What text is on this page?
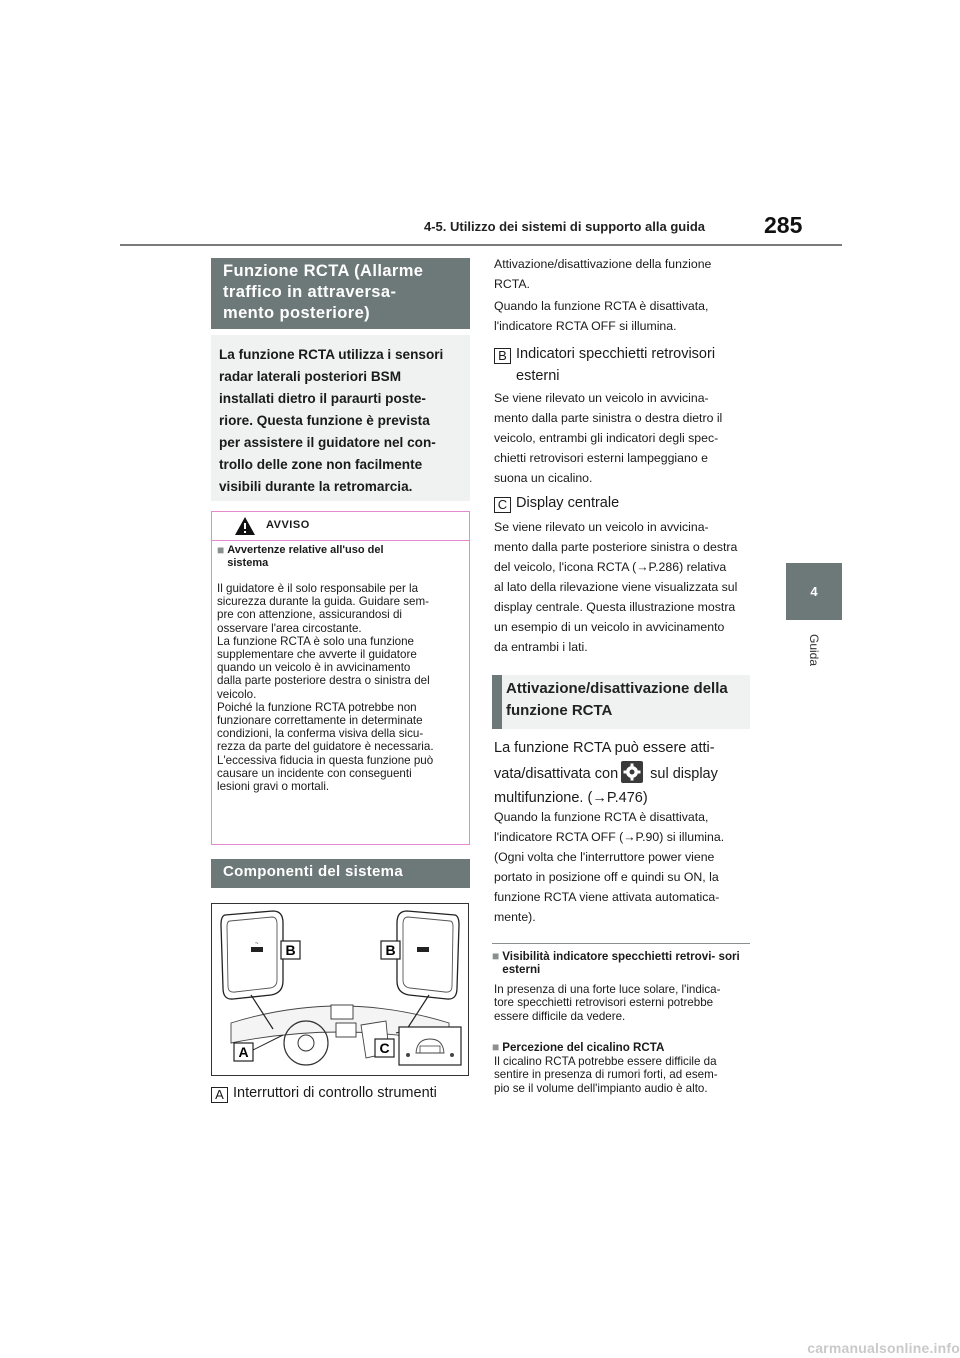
4-5. Utilizzo dei sistemi di supporto alla guida	285
4
Guida
Funzione RCTA (Allarme
traffico in attraversa-
mento posteriore)
La funzione RCTA utilizza i sensori
radar laterali posteriori BSM
installati dietro il paraurti poste-
riore. Questa funzione è prevista
per assistere il guidatore nel con-
trollo delle zone non facilmente
visibili durante la retromarcia.
AVVISO
■ Avvertenze relative all'uso del sistema
Il guidatore è il solo responsabile per la
sicurezza durante la guida. Guidare sem-
pre con attenzione, assicurandosi di
osservare l'area circostante.
La funzione RCTA è solo una funzione
supplementare che avverte il guidatore
quando un veicolo è in avvicinamento
dalla parte posteriore destra o sinistra del
veicolo.
Poiché la funzione RCTA potrebbe non
funzionare correttamente in determinate
condizioni, la conferma visiva della sicu-
rezza da parte del guidatore è necessaria.
L'eccessiva fiducia in questa funzione può
causare un incidente con conseguenti
lesioni gravi o mortali.
Componenti del sistema
~ B	B
A	C
A Interruttori di controllo strumenti
Attivazione/disattivazione della funzione
RCTA.
Quando la funzione RCTA è disattivata,
l'indicatore RCTA OFF si illumina.
B Indicatori specchietti retrovisori
esterni
Se viene rilevato un veicolo in avvicina-
mento dalla parte sinistra o destra dietro il
veicolo, entrambi gli indicatori degli spec-
chietti retrovisori esterni lampeggiano e
suona un cicalino.
C Display centrale
Se viene rilevato un veicolo in avvicina-
mento dalla parte posteriore sinistra o destra
del veicolo, l'icona RCTA (→P.286) relativa
al lato della rilevazione viene visualizzata sul
display centrale. Questa illustrazione mostra
un esempio di un veicolo in avvicinamento
da entrambi i lati.
Attivazione/disattivazione della
funzione RCTA
La funzione RCTA può essere atti-
vata/disattivata con sul display
multifunzione. (→P.476)
Quando la funzione RCTA è disattivata,
l'indicatore RCTA OFF (→P.90) si illumina.
(Ogni volta che l'interruttore power viene
portato in posizione off e quindi su ON, la
funzione RCTA viene attivata automatica-
mente).
■ Visibilità indicatore specchietti retrovi- sori esterni
In presenza di una forte luce solare, l'indica-
tore specchietti retrovisori esterni potrebbe
essere difficile da vedere.
■ Percezione del cicalino RCTA
Il cicalino RCTA potrebbe essere difficile da
sentire in presenza di rumori forti, ad esem-
pio se il volume dell'impianto audio è alto.
carmanualsonline.info
